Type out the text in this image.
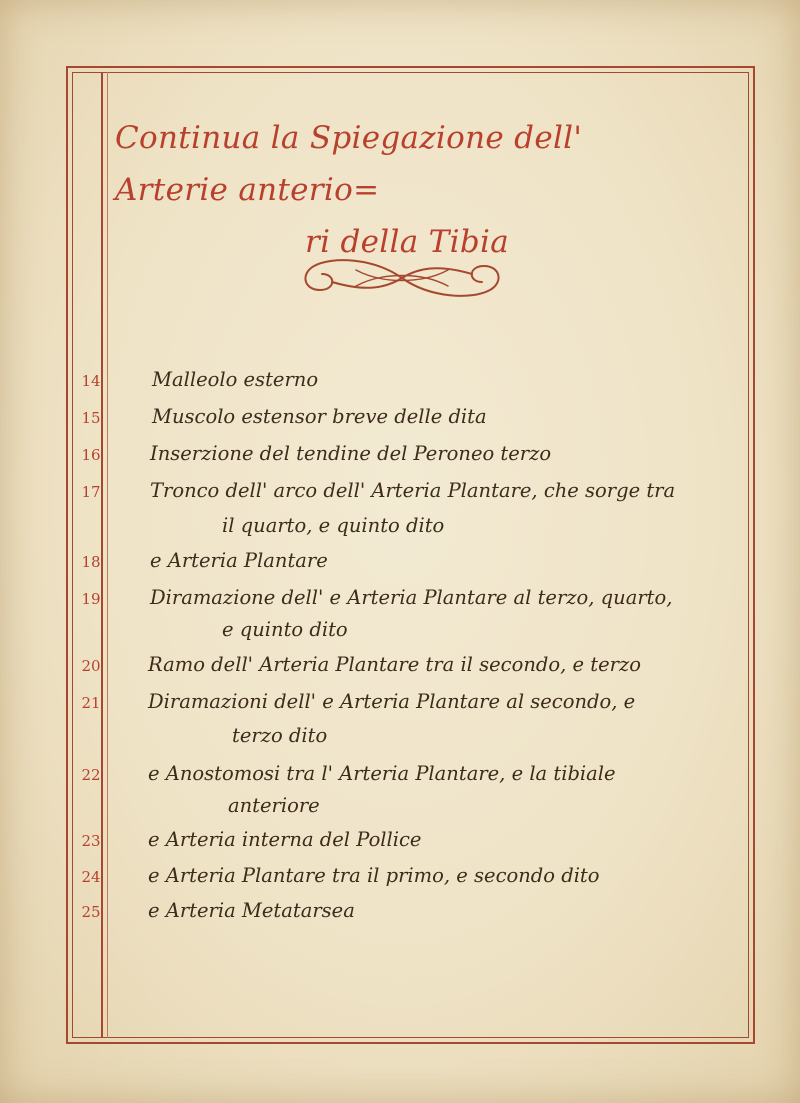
Continua la Spiegazione dell' Arterie anterio=
ri della Tibia
14	Malleolo esterno
15	Muscolo estensor breve delle dita
16	Inserzione del tendine del Peroneo terzo
17	Tronco dell' arco dell' Arteria Plantare, che sorge tra
il quarto, e quinto dito
18	e Arteria Plantare
19	Diramazione dell' e Arteria Plantare al terzo, quarto,
e quinto dito
20 Ramo dell' Arteria Plantare tra il secondo, e terzo
21 Diramazioni dell' e Arteria Plantare al secondo, e
terzo dito
22 e Anostomosi tra l' Arteria Plantare, e la tibiale
anteriore
23 e Arteria interna del Pollice
24 e Arteria Plantare tra il primo, e secondo dito
25 e Arteria Metatarsea
